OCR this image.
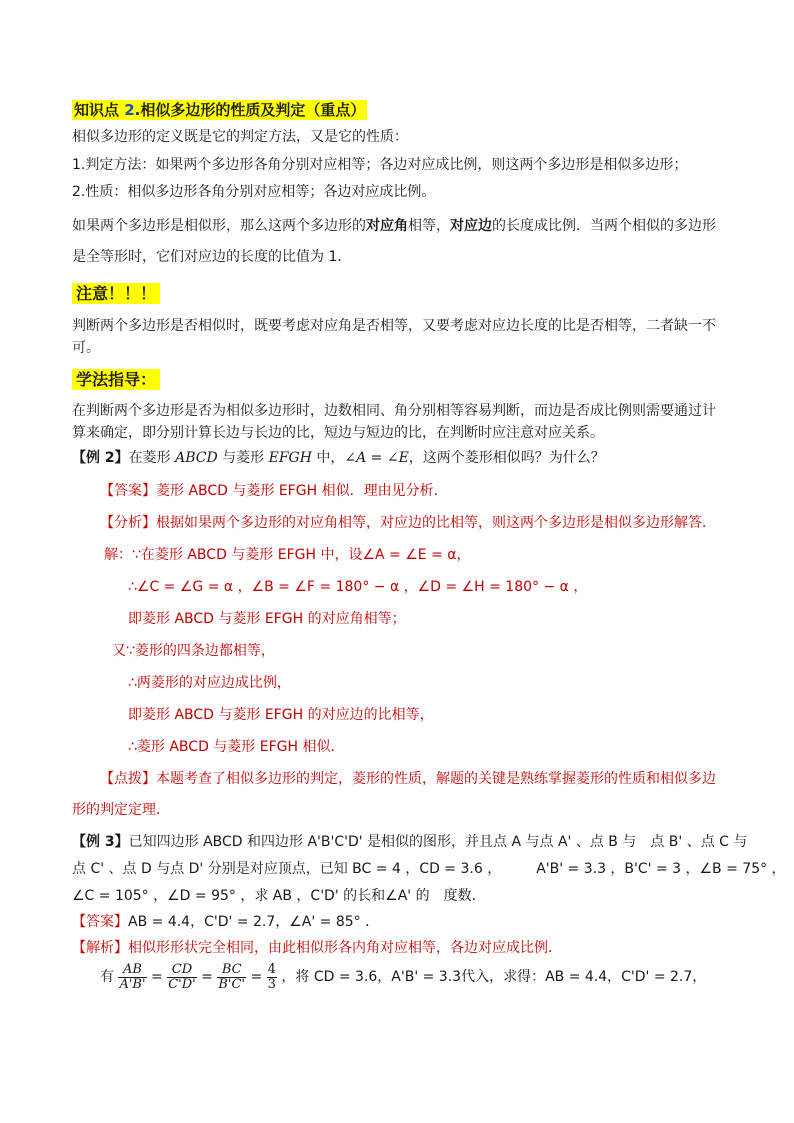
知识点 2.相似多边形的性质及判定（重点）
相似多边形的定义既是它的判定方法，又是它的性质：
1.判定方法：如果两个多边形各角分别对应相等；各边对应成比例，则这两个多边形是相似多边形；
2.性质：相似多边形各角分别对应相等；各边对应成比例。
如果两个多边形是相似形，那么这两个多边形的对应角相等，对应边的长度成比例．当两个相似的多边形
是全等形时，它们对应边的长度的比值为 1．
注意！！！
判断两个多边形是否相似时，既要考虑对应角是否相等，又要考虑对应边长度的比是否相等，二者缺一不
可。
学法指导：
在判断两个多边形是否为相似多边形时，边数相同、角分别相等容易判断，而边是否成比例则需要通过计
算来确定，即分别计算长边与长边的比，短边与短边的比，在判断时应注意对应关系。
【例 2】在菱形 ABCD 与菱形 EFGH 中，∠A = ∠E，这两个菱形相似吗？为什么？
【答案】菱形 ABCD 与菱形 EFGH 相似．理由见分析．
【分析】根据如果两个多边形的对应角相等，对应边的比相等，则这两个多边形是相似多边形解答．
解：∵在菱形 ABCD 与菱形 EFGH 中，设∠A = ∠E = α，
∴∠C = ∠G = α ，∠B = ∠F = 180° − α ，∠D = ∠H = 180° − α ，
即菱形 ABCD 与菱形 EFGH 的对应角相等；
又∵菱形的四条边都相等，
∴两菱形的对应边成比例，
即菱形 ABCD 与菱形 EFGH 的对应边的比相等，
∴菱形 ABCD 与菱形 EFGH 相似．
【点拨】本题考查了相似多边形的判定，菱形的性质，解题的关键是熟练掌握菱形的性质和相似多边
形的判定定理．
【例 3】已知四边形 ABCD 和四边形 A'B'C'D' 是相似的图形，并且点 A 与点 A' 、点 B 与　点 B' 、点 C 与
点 C' 、点 D 与点 D' 分别是对应顶点，已知 BC = 4 ，CD = 3.6 ，　　　A'B' = 3.3 ，B'C' = 3 ，∠B = 75° ，
∠C = 105° ，∠D = 95° ，求 AB ，C'D' 的长和∠A' 的　度数．
【答案】AB = 4.4，C'D' = 2.7，∠A' = 85° ．
【解析】相似形形状完全相同，由此相似形各内角对应相等，各边对应成比例．
有 $\frac{AB}{A'B'} = \frac{CD}{C'D'} = \frac{BC}{B'C'} = \frac{4}{3}$ ，将 CD = 3.6，A'B' = 3.3代入，求得：AB = 4.4，C'D' = 2.7，
